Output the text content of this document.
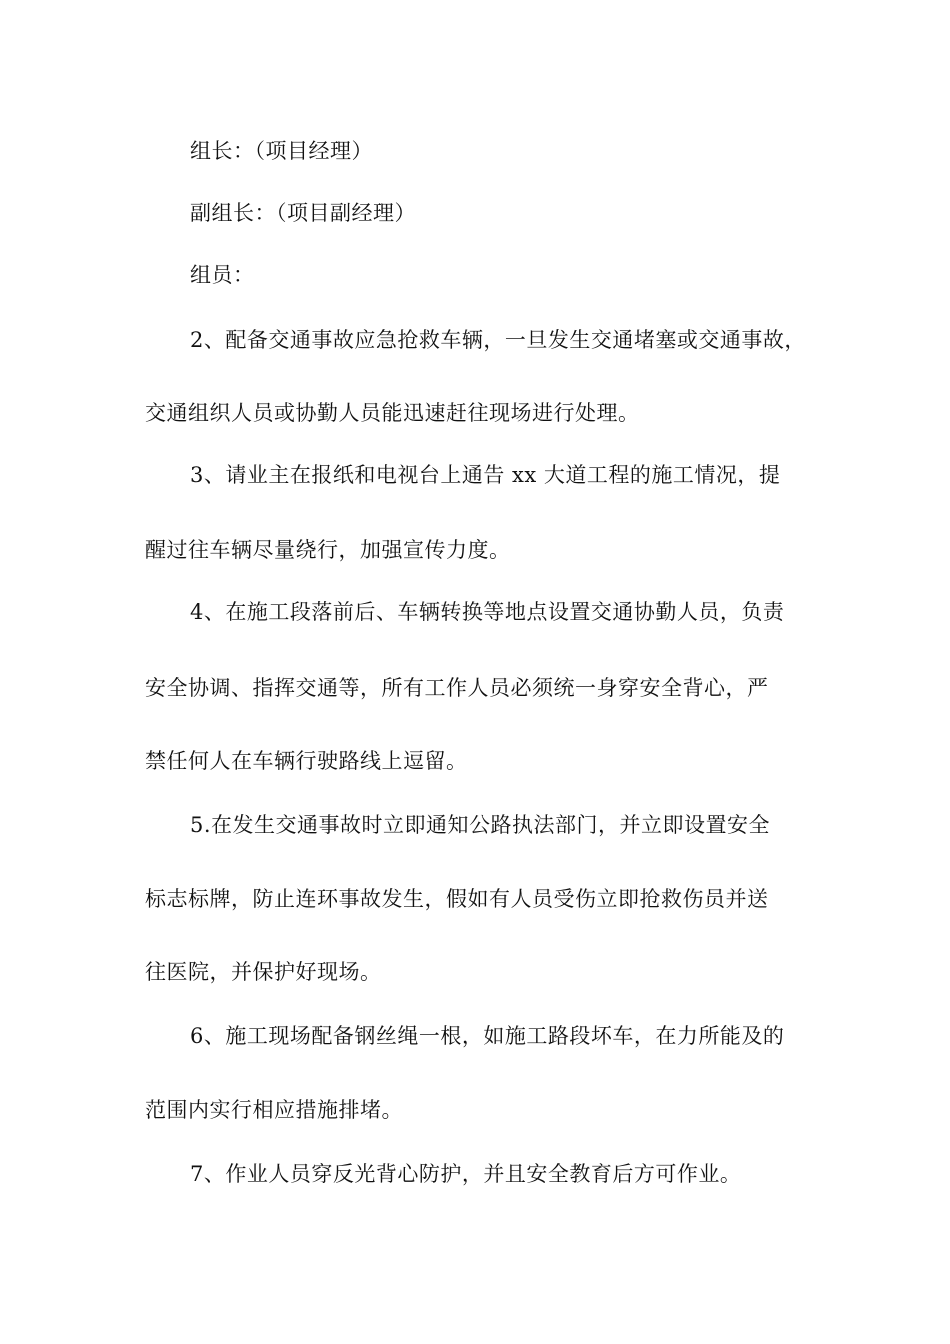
组长：（项目经理）
副组长：（项目副经理）
组员：
2、配备交通事故应急抢救车辆，一旦发生交通堵塞或交通事故，
交通组织人员或协勤人员能迅速赶往现场进行处理。
3、请业主在报纸和电视台上通告 xx 大道工程的施工情况，提
醒过往车辆尽量绕行，加强宣传力度。
4、在施工段落前后、车辆转换等地点设置交通协勤人员，负责
安全协调、指挥交通等，所有工作人员必须统一身穿安全背心，严
禁任何人在车辆行驶路线上逗留。
5.在发生交通事故时立即通知公路执法部门，并立即设置安全
标志标牌，防止连环事故发生，假如有人员受伤立即抢救伤员并送
往医院，并保护好现场。
6、施工现场配备钢丝绳一根，如施工路段坏车，在力所能及的
范围内实行相应措施排堵。
7、作业人员穿反光背心防护，并且安全教育后方可作业。
